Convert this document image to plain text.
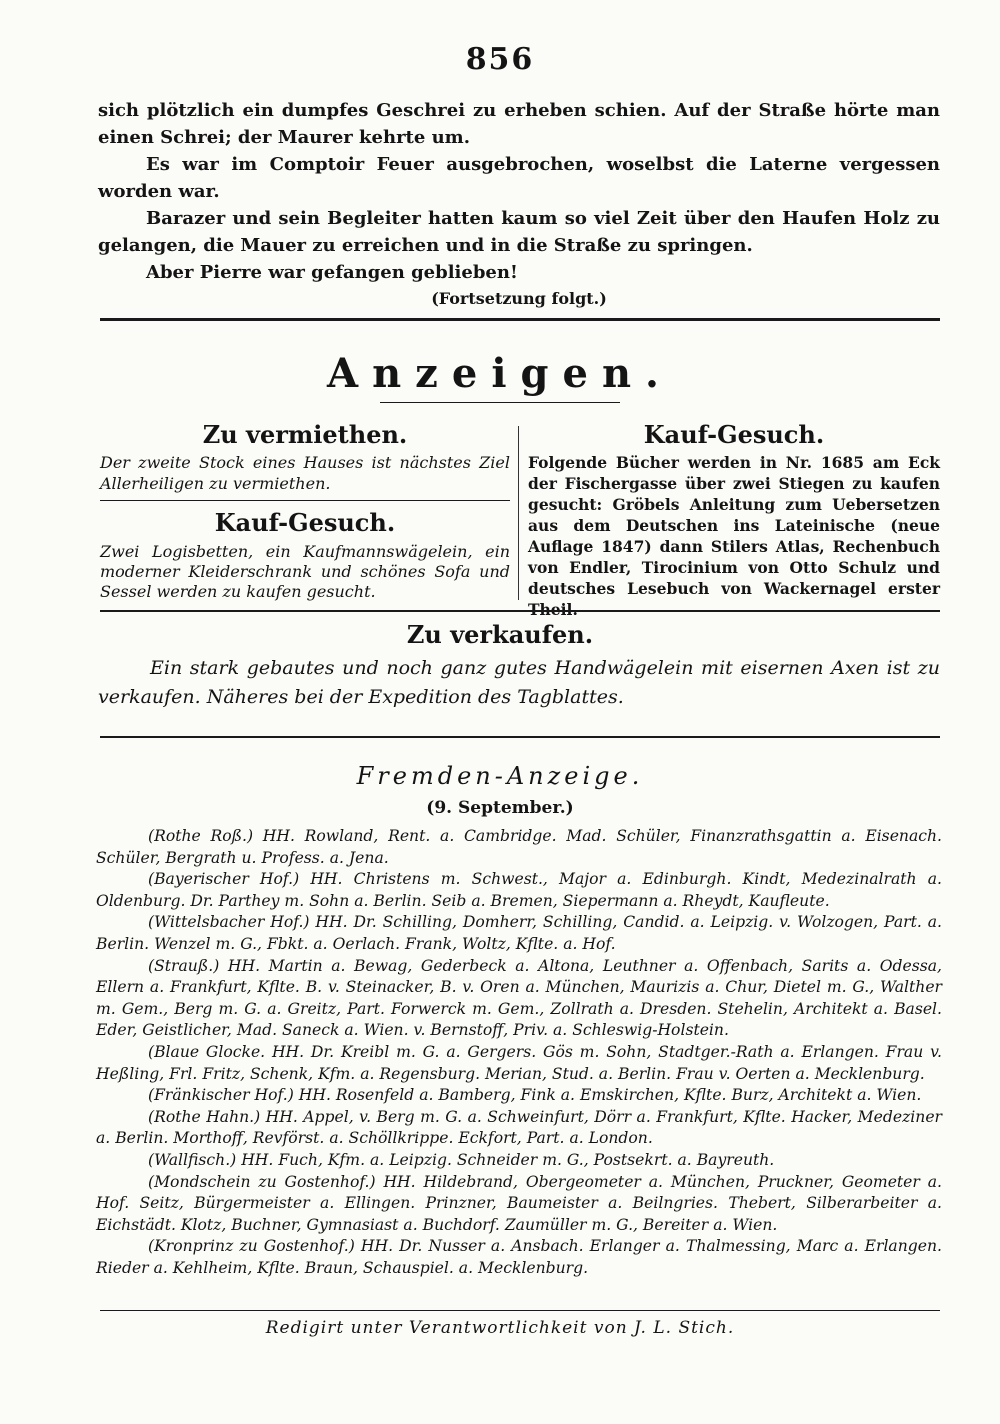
856
sich plötzlich ein dumpfes Geschrei zu erheben schien. Auf der Straße hörte man einen Schrei; der Maurer kehrte um.
Es war im Comptoir Feuer ausgebrochen, woselbst die Laterne vergessen worden war.
Barazer und sein Begleiter hatten kaum so viel Zeit über den Haufen Holz zu gelangen, die Mauer zu erreichen und in die Straße zu springen.
Aber Pierre war gefangen geblieben!
(Fortsetzung folgt.)
Anzeigen.
Zu vermiethen.
Der zweite Stock eines Hauses ist nächstes Ziel Allerheiligen zu vermiethen.
Kauf-Gesuch.
Zwei Logisbetten, ein Kaufmannswägelein, ein moderner Kleiderschrank und schönes Sofa und Sessel werden zu kaufen gesucht.
Kauf-Gesuch.
Folgende Bücher werden in Nr. 1685 am Eck der Fischergasse über zwei Stiegen zu kaufen gesucht: Gröbels Anleitung zum Uebersetzen aus dem Deutschen ins Lateinische (neue Auflage 1847) dann Stilers Atlas, Rechenbuch von Endler, Tirocinium von Otto Schulz und deutsches Lesebuch von Wackernagel erster
Zu verkaufen.
Ein stark gebautes und noch ganz gutes Handwägelein mit eisernen Axen ist zu verkaufen. Näheres bei der Expedition des Tagblattes.
Fremden-Anzeige.
(9. September.)

(Rothe Roß.) HH. Rowland, Rent. a. Cambridge. Mad. Schüler, Finanzrathsgattin a. Eisenach. Schüler, Bergrath u. Profess. a. Jena.

(Bayerischer Hof.) HH. Christens m. Schwest., Major a. Edinburgh. Kindt, Medezinalrath a. Oldenburg. Dr. Parthey m. Sohn a. Berlin. Seib a. Bremen, Siepermann a. Rheydt, Kaufleute.

(Wittelsbacher Hof.) HH. Dr. Schilling, Domherr, Schilling, Candid. a. Leipzig. v. Wolzogen, Part. a. Berlin. Wenzel m. G., Fbkt. a. Oerlach. Frank, Woltz, Kflte. a. Hof.

(Strauß.) HH. Martin a. Bewag, Gederbeck a. Altona, Leuthner a. Offenbach, Sarits a. Odessa, Ellern a. Frankfurt, Kflte. B. v. Steinacker, B. v. Oren a. München, Maurizis a. Chur, Dietel m. G., Walther m. Gem., Berg m. G. a. Greitz, Part. Forwerck m. Gem., Zollrath a. Dresden. Stehelin, Architekt a. Basel. Eder, Geistlicher, Mad. Saneck a. Wien. v. Bernstoff, Priv. a. Schleswig-Holstein.

(Blaue Glocke. HH. Dr. Kreibl m. G. a. Gergers. Gös m. Sohn, Stadtger.-Rath a. Erlangen. Frau v. Heßling, Frl. Fritz, Schenk, Kfm. a. Regensburg. Merian, Stud. a. Berlin. Frau v. Oerten a. Mecklenburg.

(Fränkischer Hof.) HH. Rosenfeld a. Bamberg, Fink a. Emskirchen, Kflte. Burz, Architekt a. Wien.

(Rothe Hahn.) HH. Appel, v. Berg m. G. a. Schweinfurt, Dörr a. Frankfurt, Kflte. Hacker, Medeziner a. Berlin. Morthoff, Revförst. a. Schöllkrippe. Eckfort, Part. a. London.

(Wallfisch.) HH. Fuch, Kfm. a. Leipzig. Schneider m. G., Postsekrt. a. Bayreuth.

(Mondschein zu Gostenhof.) HH. Hildebrand, Obergeometer a. München, Pruckner, Geometer a. Hof. Seitz, Bürgermeister a. Ellingen. Prinzner, Baumeister a. Beilngries. Thebert, Silberarbeiter a. Eichstädt. Klotz, Buchner, Gymnasiast a. Buchdorf. Zaumüller m. G., Bereiter a. Wien.

(Kronprinz zu Gostenhof.) HH. Dr. Nusser a. Ansbach. Erlanger a. Thalmessing, Marc a. Erlangen. Rieder a. Kehlheim, Kflte. Braun, Schauspiel. a. Mecklenburg.

Redigirt unter Verantwortlichkeit von J. L. Stich.
